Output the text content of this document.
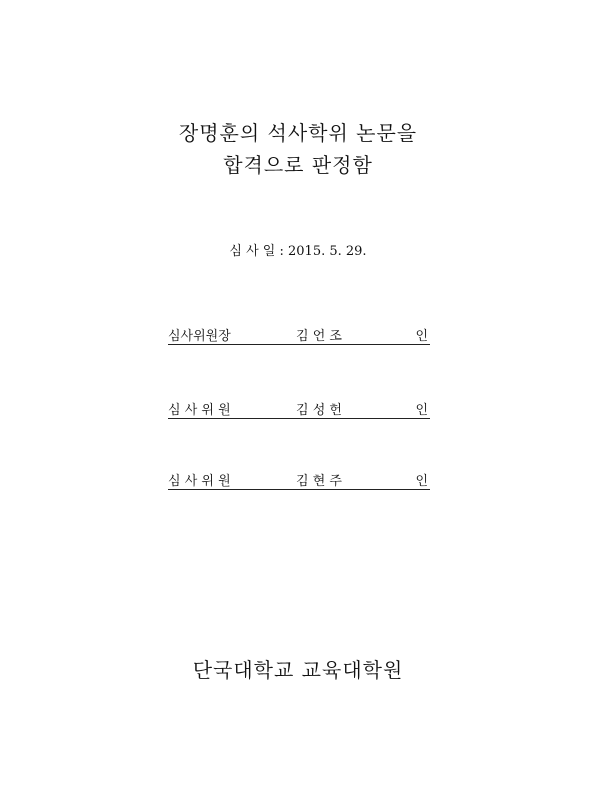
장명훈의 석사학위 논문을
합격으로 판정함
심 사 일 : 2015. 5. 29.
심사위원장	김 언 조	인
심 사 위 원	김 성 헌	인
심 사 위 원	김 현 주	인
단국대학교 교육대학원
